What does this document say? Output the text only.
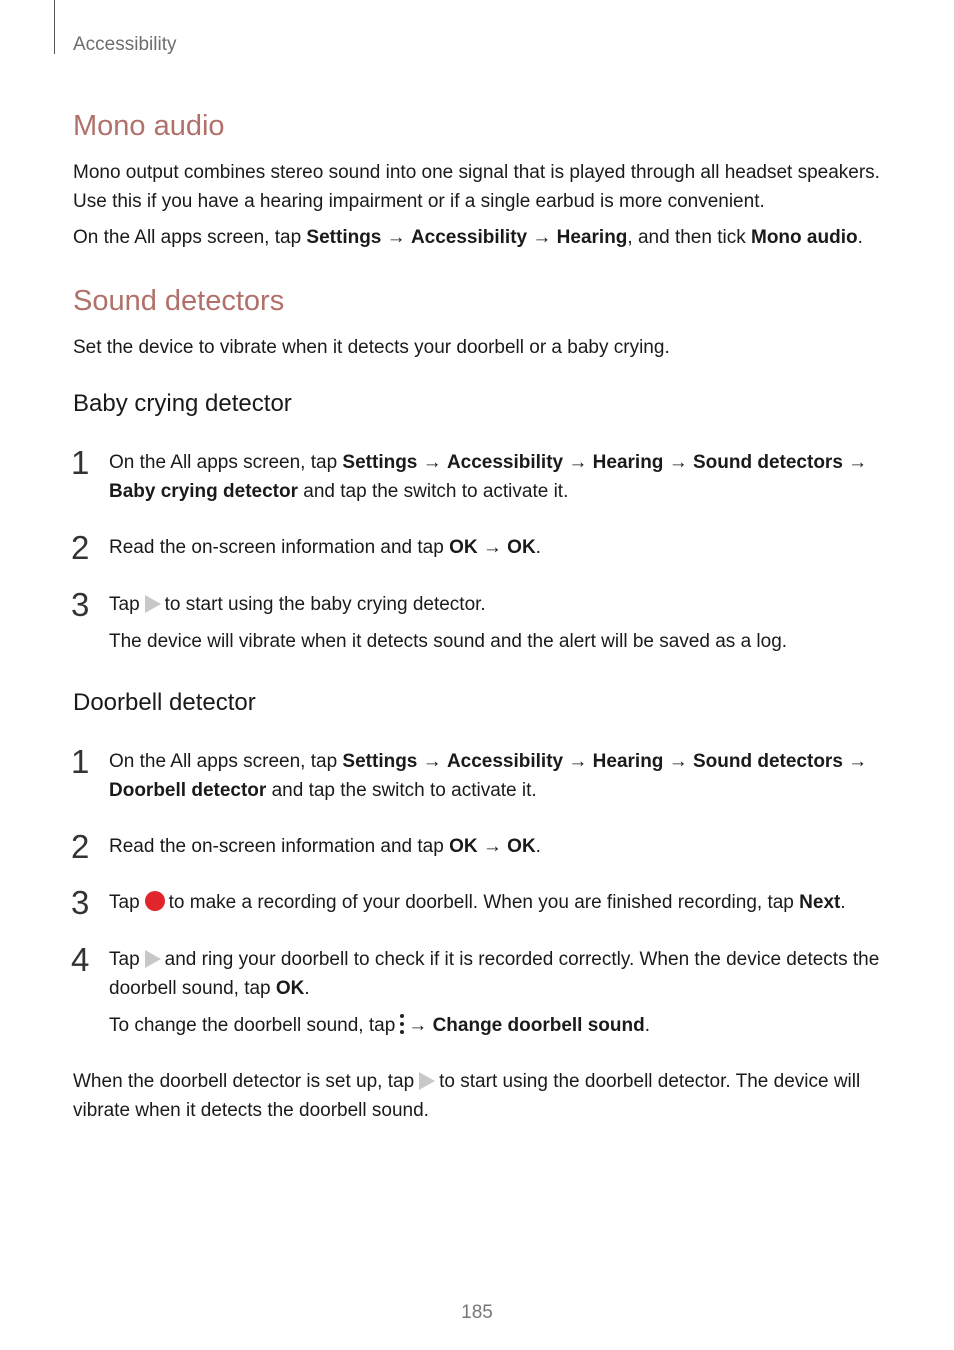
Accessibility
Mono audio
Mono output combines stereo sound into one signal that is played through all headset speakers. Use this if you have a hearing impairment or if a single earbud is more convenient.
On the All apps screen, tap Settings → Accessibility → Hearing, and then tick Mono audio.
Sound detectors
Set the device to vibrate when it detects your doorbell or a baby crying.
Baby crying detector
1 On the All apps screen, tap Settings → Accessibility → Hearing → Sound detectors → Baby crying detector and tap the switch to activate it.
2 Read the on-screen information and tap OK → OK.
3 Tap to start using the baby crying detector.
The device will vibrate when it detects sound and the alert will be saved as a log.
Doorbell detector
1 On the All apps screen, tap Settings → Accessibility → Hearing → Sound detectors → Doorbell detector and tap the switch to activate it.
2 Read the on-screen information and tap OK → OK.
3 Tap to make a recording of your doorbell. When you are finished recording, tap Next.
4 Tap and ring your doorbell to check if it is recorded correctly. When the device detects the doorbell sound, tap OK.
To change the doorbell sound, tap → Change doorbell sound.
When the doorbell detector is set up, tap to start using the doorbell detector. The device will vibrate when it detects the doorbell sound.
185
